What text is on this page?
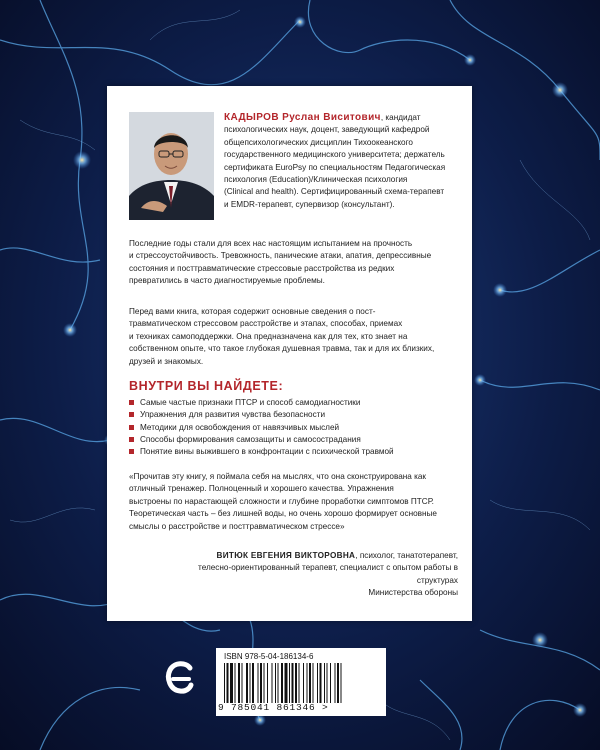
КАДЫРОВ Руслан Виситович, кандидат
психологических наук, доцент, заведующий кафедрой
общепсихологических дисциплин Тихоокеанского
государственного медицинского университета; держатель
сертификата EuroPsy по специальностям Педагогическая
психология (Education)/Клиническая психология
(Clinical and health). Сертифицированный схема-терапевт
и EMDR-терапевт, супервизор (консультант).

Последние годы стали для всех нас настоящим испытанием на прочность
и стрессоустойчивость. Тревожность, панические атаки, апатия, депрессивные
состояния и посттравматические стрессовые расстройства из редких
превратились в часто диагностируемые проблемы.

Перед вами книга, которая содержит основные сведения о пост-
травматическом стрессовом расстройстве и этапах, способах, приемах
и техниках самоподдержки. Она предназначена как для тех, кто знает на
собственном опыте, что такое глубокая душевная травма, так и для их близких,
друзей и знакомых.

ВНУТРИ ВЫ НАЙДЕТЕ:
Самые частые признаки ПТСР и способ самодиагностики
Упражнения для развития чувства безопасности
Методики для освобождения от навязчивых мыслей
Способы формирования самозащиты и самосострадания
Понятие вины выжившего в конфронтации с психической травмой

«Прочитав эту книгу, я поймала себя на мыслях, что она сконструирована как
отличный тренажер. Полноценный и хорошего качества. Упражнения
выстроены по нарастающей сложности и глубине проработки симптомов ПТСР.
Теоретическая часть – без лишней воды, но очень хорошо формирует основные
смыслы о расстройстве и посттравматическом стрессе»

ВИТЮК ЕВГЕНИЯ ВИКТОРОВНА, психолог, танатотерапевт,
телесно-ориентированный терапевт, специалист с опытом работы в структурах
Министерства обороны

ISBN 978-5-04-186134-6
9 785041 861346 >
